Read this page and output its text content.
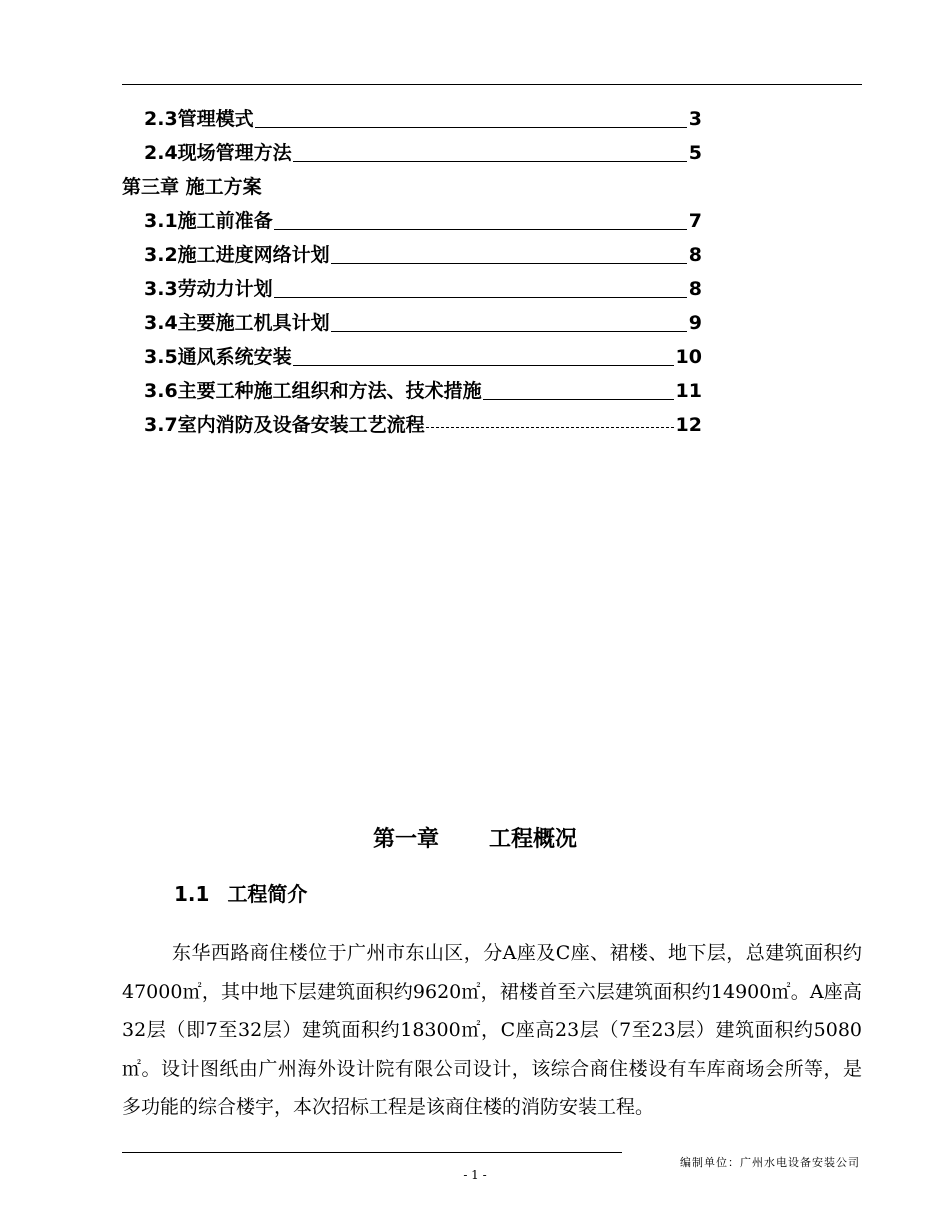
2.3管理模式	3
2.4现场管理方法	5
第三章 施工方案
3.1施工前准备	7
3.2施工进度网络计划	8
3.3劳动力计划	8
3.4主要施工机具计划	9
3.5通风系统安装	10
3.6主要工种施工组织和方法、技术措施	11
3.7室内消防及设备安装工艺流程	12
第一章 工程概况
1.1 工程简介

东华西路商住楼位于广州市东山区，分A座及C座、裙楼、地下层，总建筑面积约47000㎡，其中地下层建筑面积约9620㎡，裙楼首至六层建筑面积约14900㎡。A座高32层（即7至32层）建筑面积约18300㎡，C座高23层（7至23层）建筑面积约5080㎡。设计图纸由广州海外设计院有限公司设计，该综合商住楼设有车库商场会所等，是多功能的综合楼宇，本次招标工程是该商住楼的消防安装工程。

编制单位：广州水电设备安装公司
- 1 -
